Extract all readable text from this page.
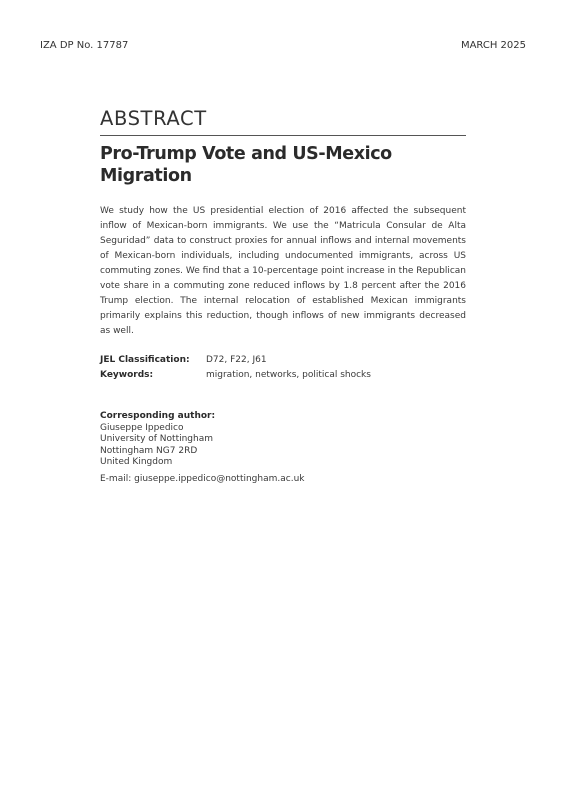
IZA DP No. 17787	MARCH 2025
ABSTRACT
Pro-Trump Vote and US-Mexico Migration

We study how the US presidential election of 2016 affected the subsequent inflow of Mexican-born immigrants. We use the “Matricula Consular de Alta Seguridad” data to construct proxies for annual inflows and internal movements of Mexican-born individuals, including undocumented immigrants, across US commuting zones. We find that a 10-percentage point increase in the Republican vote share in a commuting zone reduced inflows by 1.8 percent after the 2016 Trump election. The internal relocation of established Mexican immigrants primarily explains this reduction, though inflows of new immigrants decreased as well.

JEL Classification:	D72, F22, J61
Keywords:	migration, networks, political shocks
Corresponding author:
Giuseppe Ippedico
University of Nottingham
Nottingham NG7 2RD
United Kingdom
E-mail: giuseppe.ippedico@nottingham.ac.uk
